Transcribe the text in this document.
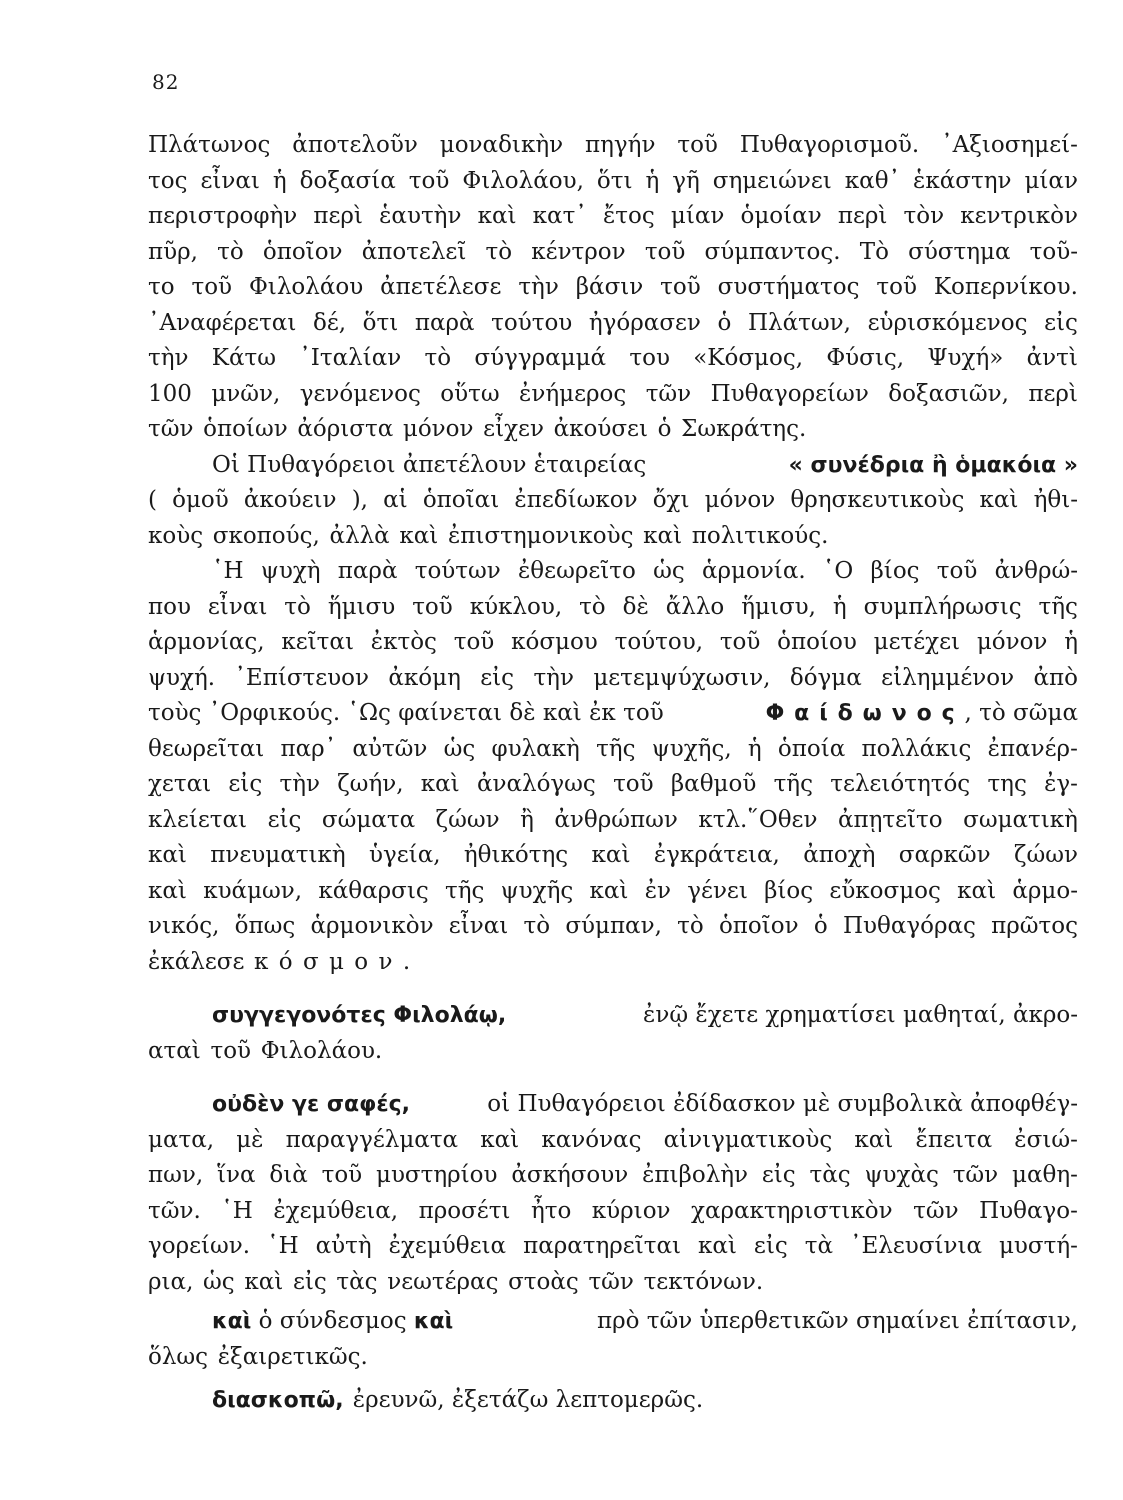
82
Πλάτωνος ἀποτελοῦν μοναδικὴν πηγήν τοῦ Πυθαγορισμοῦ. ᾿Αξιοσημεί-
τος εἶναι ἡ δοξασία τοῦ Φιλολάου, ὅτι ἡ γῆ σημειώνει καθ᾿ ἑκάστην μίαν
περιστροφὴν περὶ ἑαυτὴν καὶ κατ᾿ ἔτος μίαν ὁμοίαν περὶ τὸν κεντρικὸν
πῦρ, τὸ ὁποῖον ἀποτελεῖ τὸ κέντρον τοῦ σύμπαντος. Τὸ σύστημα τοῦ-
το τοῦ Φιλολάου ἀπετέλεσε τὴν βάσιν τοῦ συστήματος τοῦ Κοπερνίκου.
᾿Αναφέρεται δέ, ὅτι παρὰ τούτου ἠγόρασεν ὁ Πλάτων, εὑρισκόμενος εἰς
τὴν Κάτω ᾿Ιταλίαν τὸ σύγγραμμά του «Κόσμος, Φύσις, Ψυχή» ἀντὶ
100 μνῶν, γενόμενος οὕτω ἐνήμερος τῶν Πυθαγορείων δοξασιῶν, περὶ
τῶν ὁποίων ἀόριστα μόνον εἶχεν ἀκούσει ὁ Σωκράτης.
Οἱ Πυθαγόρειοι ἀπετέλουν ἑταιρείας	« συνέδρια ἢ ὁμακόια »
( ὁμοῦ ἀκούειν ), αἱ ὁποῖαι ἐπεδίωκον ὄχι μόνον θρησκευτικοὺς καὶ ἠθι-
κοὺς σκοπούς, ἀλλὰ καὶ ἐπιστημονικοὺς καὶ πολιτικούς.
῾Η ψυχὴ παρὰ τούτων ἐθεωρεῖτο ὡς ἁρμονία. ῾Ο βίος τοῦ ἀνθρώ-
που εἶναι τὸ ἥμισυ τοῦ κύκλου, τὸ δὲ ἄλλο ἥμισυ, ἡ συμπλήρωσις τῆς
ἁρμονίας, κεῖται ἐκτὸς τοῦ κόσμου τούτου, τοῦ ὁποίου μετέχει μόνον ἡ
ψυχή. ᾿Επίστευον ἀκόμη εἰς τὴν μετεμψύχωσιν, δόγμα εἰλημμένον ἀπὸ
τοὺς ᾿Ορφικούς. ῾Ως φαίνεται δὲ καὶ ἐκ τοῦ	Φαίδωνος, τὸ σῶμα
θεωρεῖται παρ᾿ αὐτῶν ὡς φυλακὴ τῆς ψυχῆς, ἡ ὁποία πολλάκις ἐπανέρ-
χεται εἰς τὴν ζωήν, καὶ ἀναλόγως τοῦ βαθμοῦ τῆς τελειότητός της ἐγ-
κλείεται εἰς σώματα ζώων ἢ ἀνθρώπων κτλ.῞Οθεν ἀπῃτεῖτο σωματικὴ
καὶ πνευματικὴ ὑγεία, ἠθικότης καὶ ἐγκράτεια, ἀποχὴ σαρκῶν ζώων
καὶ κυάμων, κάθαρσις τῆς ψυχῆς καὶ ἐν γένει βίος εὔκοσμος καὶ ἁρμο-
νικός, ὅπως ἁρμονικὸν εἶναι τὸ σύμπαν, τὸ ὁποῖον ὁ Πυθαγόρας πρῶτος
ἐκάλεσε κόσμον.
συγγεγονότες Φιλολάῳ,	ἐνῷ ἔχετε χρηματίσει μαθηταί, ἀκρο-
αταὶ τοῦ Φιλολάου.
οὐδὲν γε σαφές,	οἱ Πυθαγόρειοι ἐδίδασκον μὲ συμβολικὰ ἀποφθέγ-
ματα, μὲ παραγγέλματα καὶ κανόνας αἰνιγματικοὺς καὶ ἔπειτα ἐσιώ-
πων, ἵνα διὰ τοῦ μυστηρίου ἀσκήσουν ἐπιβολὴν εἰς τὰς ψυχὰς τῶν μαθη-
τῶν. ῾Η ἐχεμύθεια, προσέτι ἦτο κύριον χαρακτηριστικὸν τῶν Πυθαγο-
γορείων. ῾Η αὐτὴ ἐχεμύθεια παρατηρεῖται καὶ εἰς τὰ ᾿Ελευσίνια μυστή-
ρια, ὡς καὶ εἰς τὰς νεωτέρας στοὰς τῶν τεκτόνων.
καὶ ὁ σύνδεσμος καὶ	πρὸ τῶν ὑπερθετικῶν σημαίνει ἐπίτασιν,
ὅλως ἐξαιρετικῶς.
διασκοπῶ, ἐρευνῶ, ἐξετάζω λεπτομερῶς.
